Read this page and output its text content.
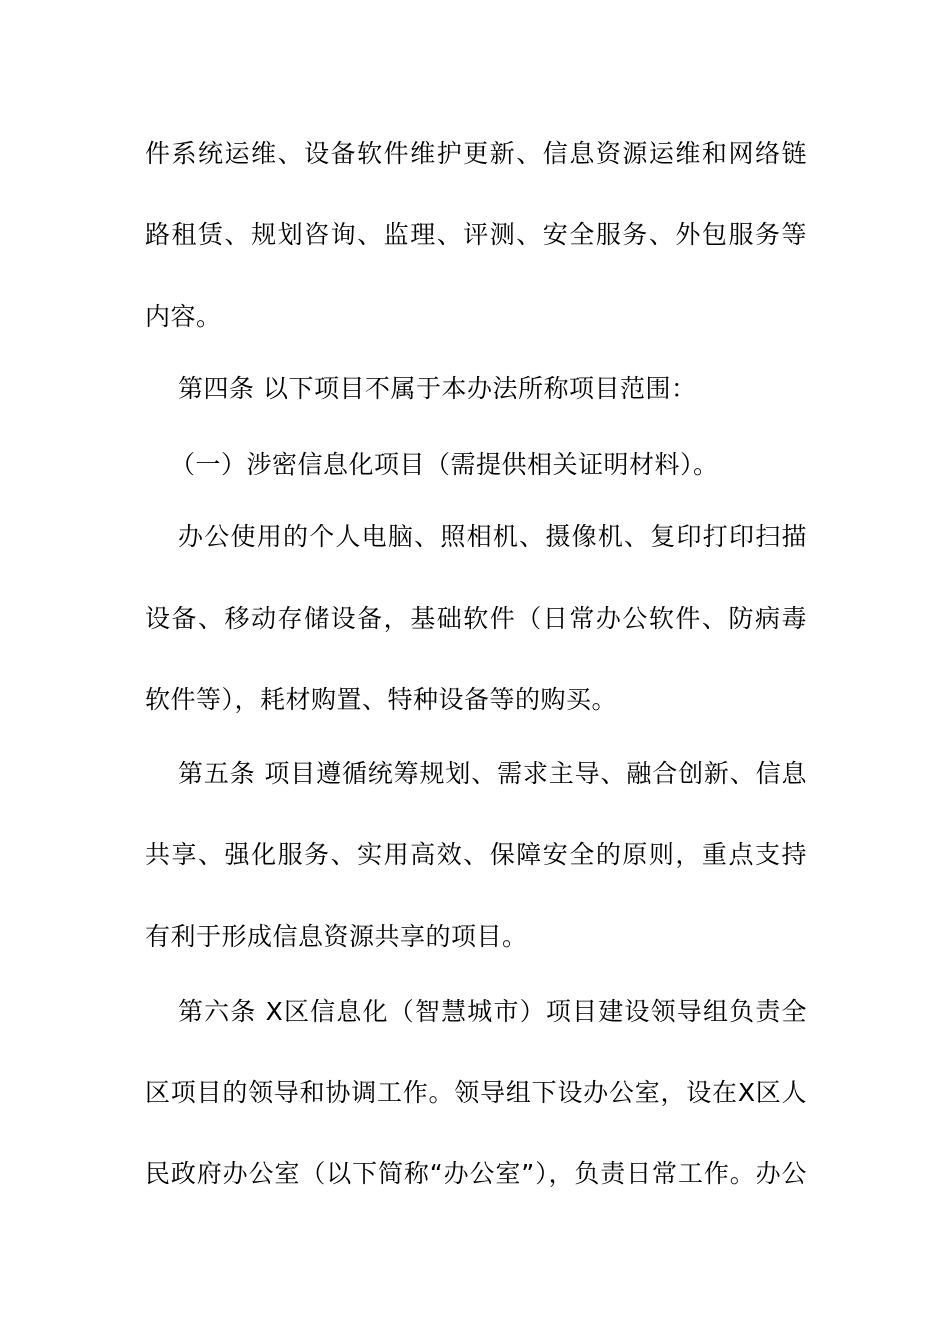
件系统运维、设备软件维护更新、信息资源运维和网络链
路租赁、规划咨询、监理、评测、安全服务、外包服务等
内容。
第四条 以下项目不属于本办法所称项目范围：
（一）涉密信息化项目（需提供相关证明材料）。
办公使用的个人电脑、照相机、摄像机、复印打印扫描
设备、移动存储设备，基础软件（日常办公软件、防病毒
软件等），耗材购置、特种设备等的购买。
第五条 项目遵循统筹规划、需求主导、融合创新、信息
共享、强化服务、实用高效、保障安全的原则，重点支持
有利于形成信息资源共享的项目。
第六条 X区信息化（智慧城市）项目建设领导组负责全
区项目的领导和协调工作。领导组下设办公室，设在X区人
民政府办公室（以下简称“办公室”），负责日常工作。办公
